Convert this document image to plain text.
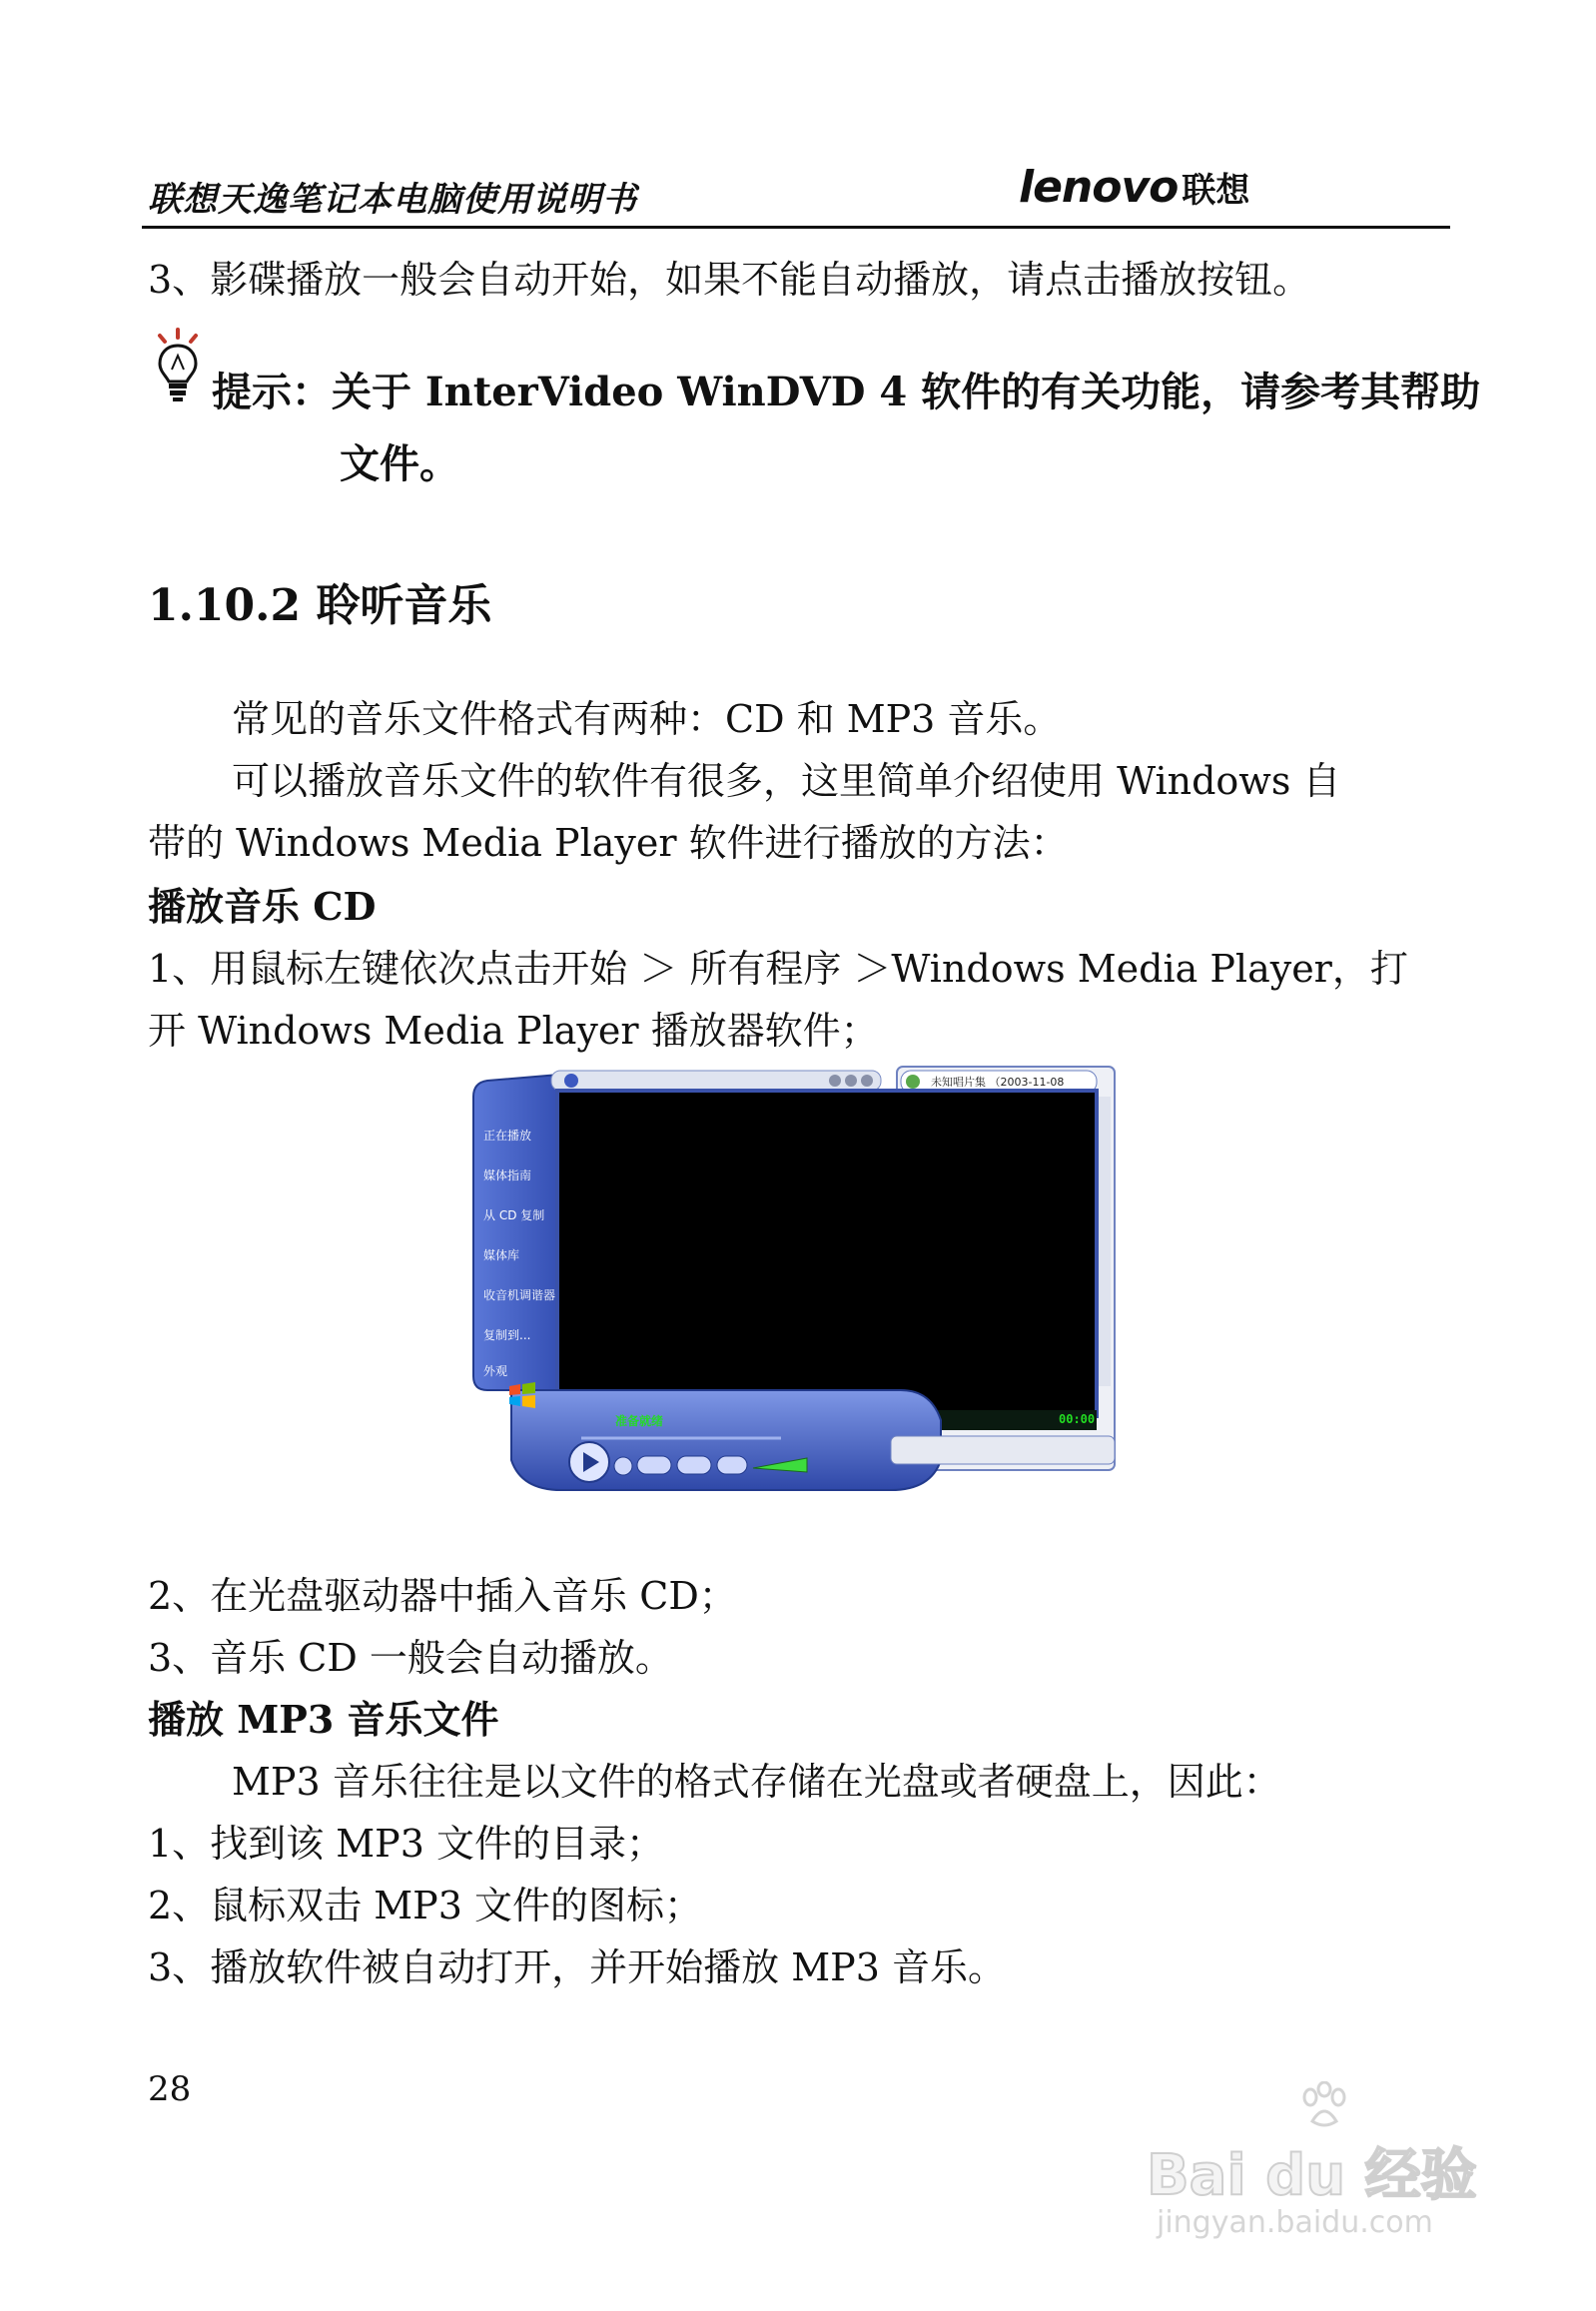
联想天逸笔记本电脑使用说明书	lenovo 联想
3、影碟播放一般会自动开始，如果不能自动播放，请点击播放按钮。
提示：关于 InterVideo WinDVD 4 软件的有关功能，请参考其帮助
文件。
1.10.2 聆听音乐
常见的音乐文件格式有两种：CD 和 MP3 音乐。
可以播放音乐文件的软件有很多，这里简单介绍使用 Windows 自
带的 Windows Media Player 软件进行播放的方法：
播放音乐 CD
1、用鼠标左键依次点击开始 ＞ 所有程序 ＞Windows Media Player，打
开 Windows Media Player 播放器软件；
正在播放
媒体指南
从 CD 复制
媒体库
收音机调谐器
复制到...
外观
未知唱片集 （2003-11-08
准备就绪	00:00
2、在光盘驱动器中插入音乐 CD；
3、音乐 CD 一般会自动播放。
播放 MP3 音乐文件
MP3 音乐往往是以文件的格式存储在光盘或者硬盘上，因此：
1、找到该 MP3 文件的目录；
2、鼠标双击 MP3 文件的图标；
3、播放软件被自动打开，并开始播放 MP3 音乐。
28
Bai du 经验
jingyan.baidu.com
